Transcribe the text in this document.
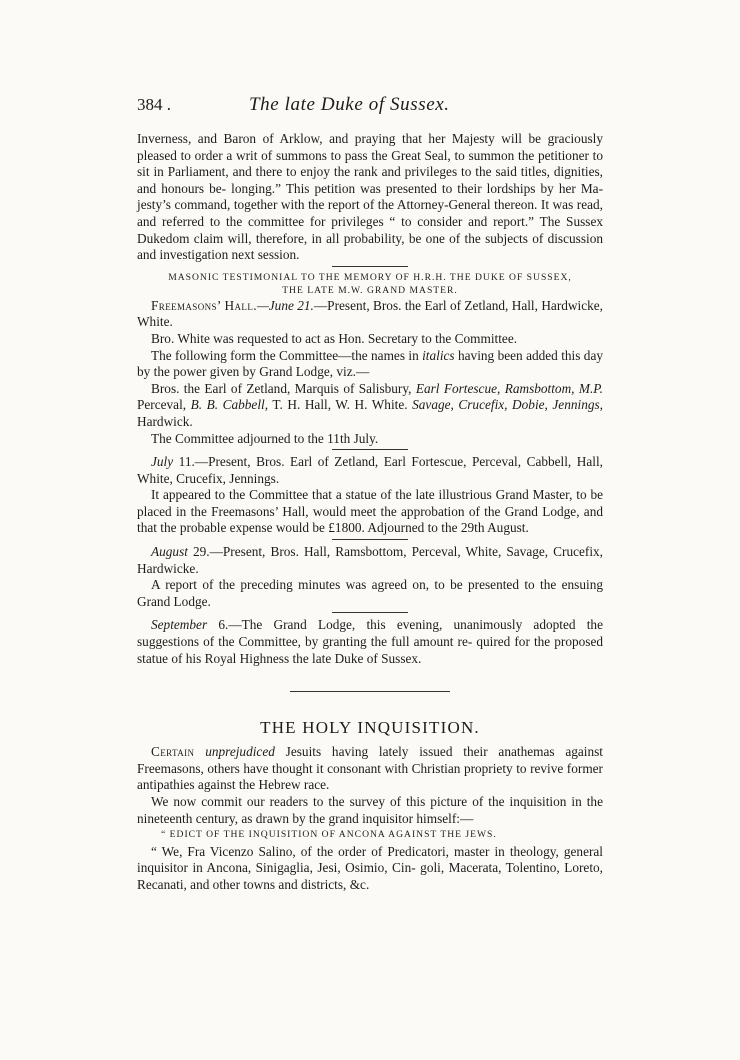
384 .	The late Duke of Sussex.

Inverness, and Baron of Arklow, and praying that her Majesty will be graciously pleased to order a writ of summons to pass the Great Seal, to summon the petitioner to sit in Parliament, and there to enjoy the rank and privileges to the said titles, dignities, and honours be- longing.” This petition was presented to their lordships by her Ma- jesty’s command, together with the report of the Attorney-General thereon. It was read, and referred to the committee for privileges “ to consider and report.” The Sussex Dukedom claim will, therefore, in all probability, be one of the subjects of discussion and investigation next session.

MASONIC TESTIMONIAL TO THE MEMORY OF H.R.H. THE DUKE OF SUSSEX,
THE LATE M.W. GRAND MASTER.

Freemasons’ Hall.—June 21.—Present, Bros. the Earl of Zetland, Hall, Hardwicke, White.

Bro. White was requested to act as Hon. Secretary to the Committee.

The following form the Committee—the names in italics having been added this day by the power given by Grand Lodge, viz.—

Bros. the Earl of Zetland, Marquis of Salisbury, Earl Fortescue, Ramsbottom, M.P. Perceval, B. B. Cabbell, T. H. Hall, W. H. White. Savage, Crucefix, Dobie, Jennings, Hardwick.

The Committee adjourned to the 11th July.

July 11.—Present, Bros. Earl of Zetland, Earl Fortescue, Perceval, Cabbell, Hall, White, Crucefix, Jennings.

It appeared to the Committee that a statue of the late illustrious Grand Master, to be placed in the Freemasons’ Hall, would meet the approbation of the Grand Lodge, and that the probable expense would be £1800. Adjourned to the 29th August.

August 29.—Present, Bros. Hall, Ramsbottom, Perceval, White, Savage, Crucefix, Hardwicke.

A report of the preceding minutes was agreed on, to be presented to the ensuing Grand Lodge.

September 6.—The Grand Lodge, this evening, unanimously adopted the suggestions of the Committee, by granting the full amount re- quired for the proposed statue of his Royal Highness the late Duke of Sussex.

THE HOLY INQUISITION.

Certain unprejudiced Jesuits having lately issued their anathemas against Freemasons, others have thought it consonant with Christian propriety to revive former antipathies against the Hebrew race.

We now commit our readers to the survey of this picture of the inquisition in the nineteenth century, as drawn by the grand inquisitor himself:—

“ EDICT OF THE INQUISITION OF ANCONA AGAINST THE JEWS.

“ We, Fra Vicenzo Salino, of the order of Predicatori, master in theology, general inquisitor in Ancona, Sinigaglia, Jesi, Osimio, Cin- goli, Macerata, Tolentino, Loreto, Recanati, and other towns and districts, &c.
